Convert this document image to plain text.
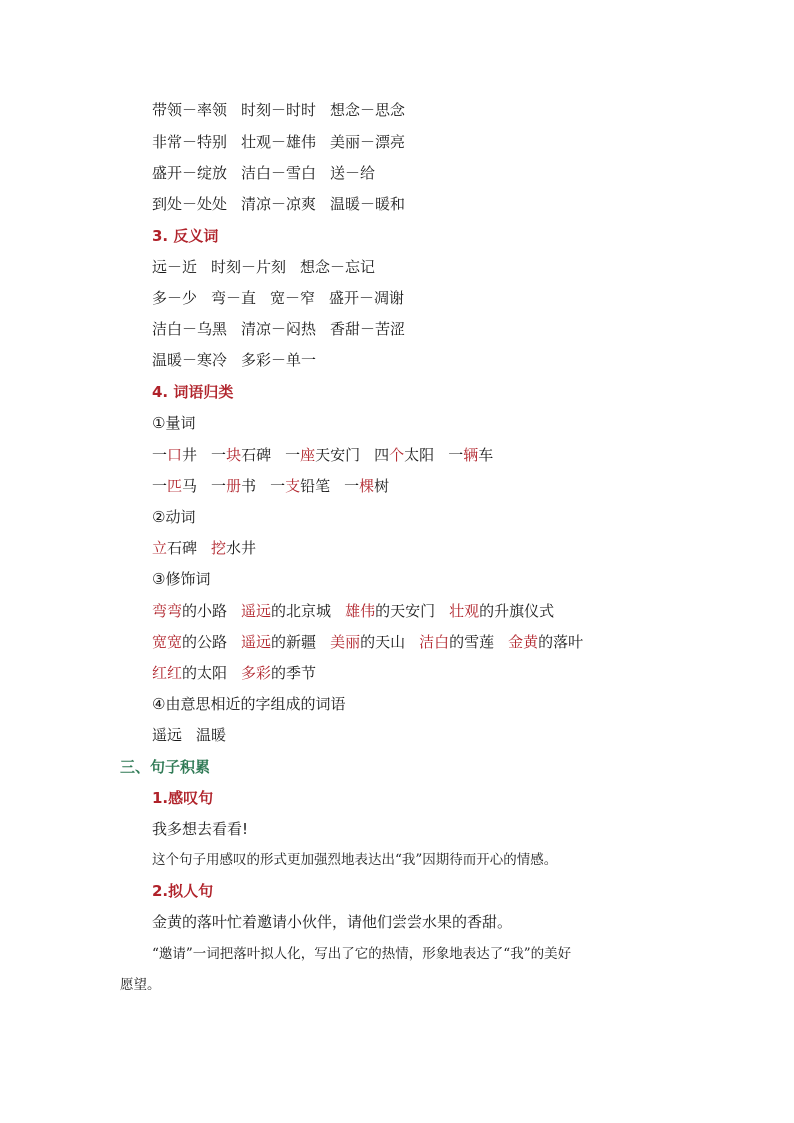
带领－率领 时刻－时时 想念－思念
非常－特别 壮观－雄伟 美丽－漂亮
盛开－绽放 洁白－雪白 送－给
到处－处处 清凉－凉爽 温暖－暖和
3. 反义词
远－近 时刻－片刻 想念－忘记
多－少 弯－直 宽－窄 盛开－凋谢
洁白－乌黑 清凉－闷热 香甜－苦涩
温暖－寒冷 多彩－单一
4. 词语归类
①量词
一口井 一块石碑 一座天安门 四个太阳 一辆车
一匹马 一册书 一支铅笔 一棵树
②动词
立石碑 挖水井
③修饰词
弯弯的小路 遥远的北京城 雄伟的天安门 壮观的升旗仪式
宽宽的公路 遥远的新疆 美丽的天山 洁白的雪莲 金黄的落叶
红红的太阳 多彩的季节
④由意思相近的字组成的词语
遥远 温暖
三、句子积累
1.感叹句
我多想去看看!
这个句子用感叹的形式更加强烈地表达出“我”因期待而开心的情感。
2.拟人句
金黄的落叶忙着邀请小伙伴，请他们尝尝水果的香甜。
“邀请”一词把落叶拟人化，写出了它的热情，形象地表达了“我”的美好
愿望。
